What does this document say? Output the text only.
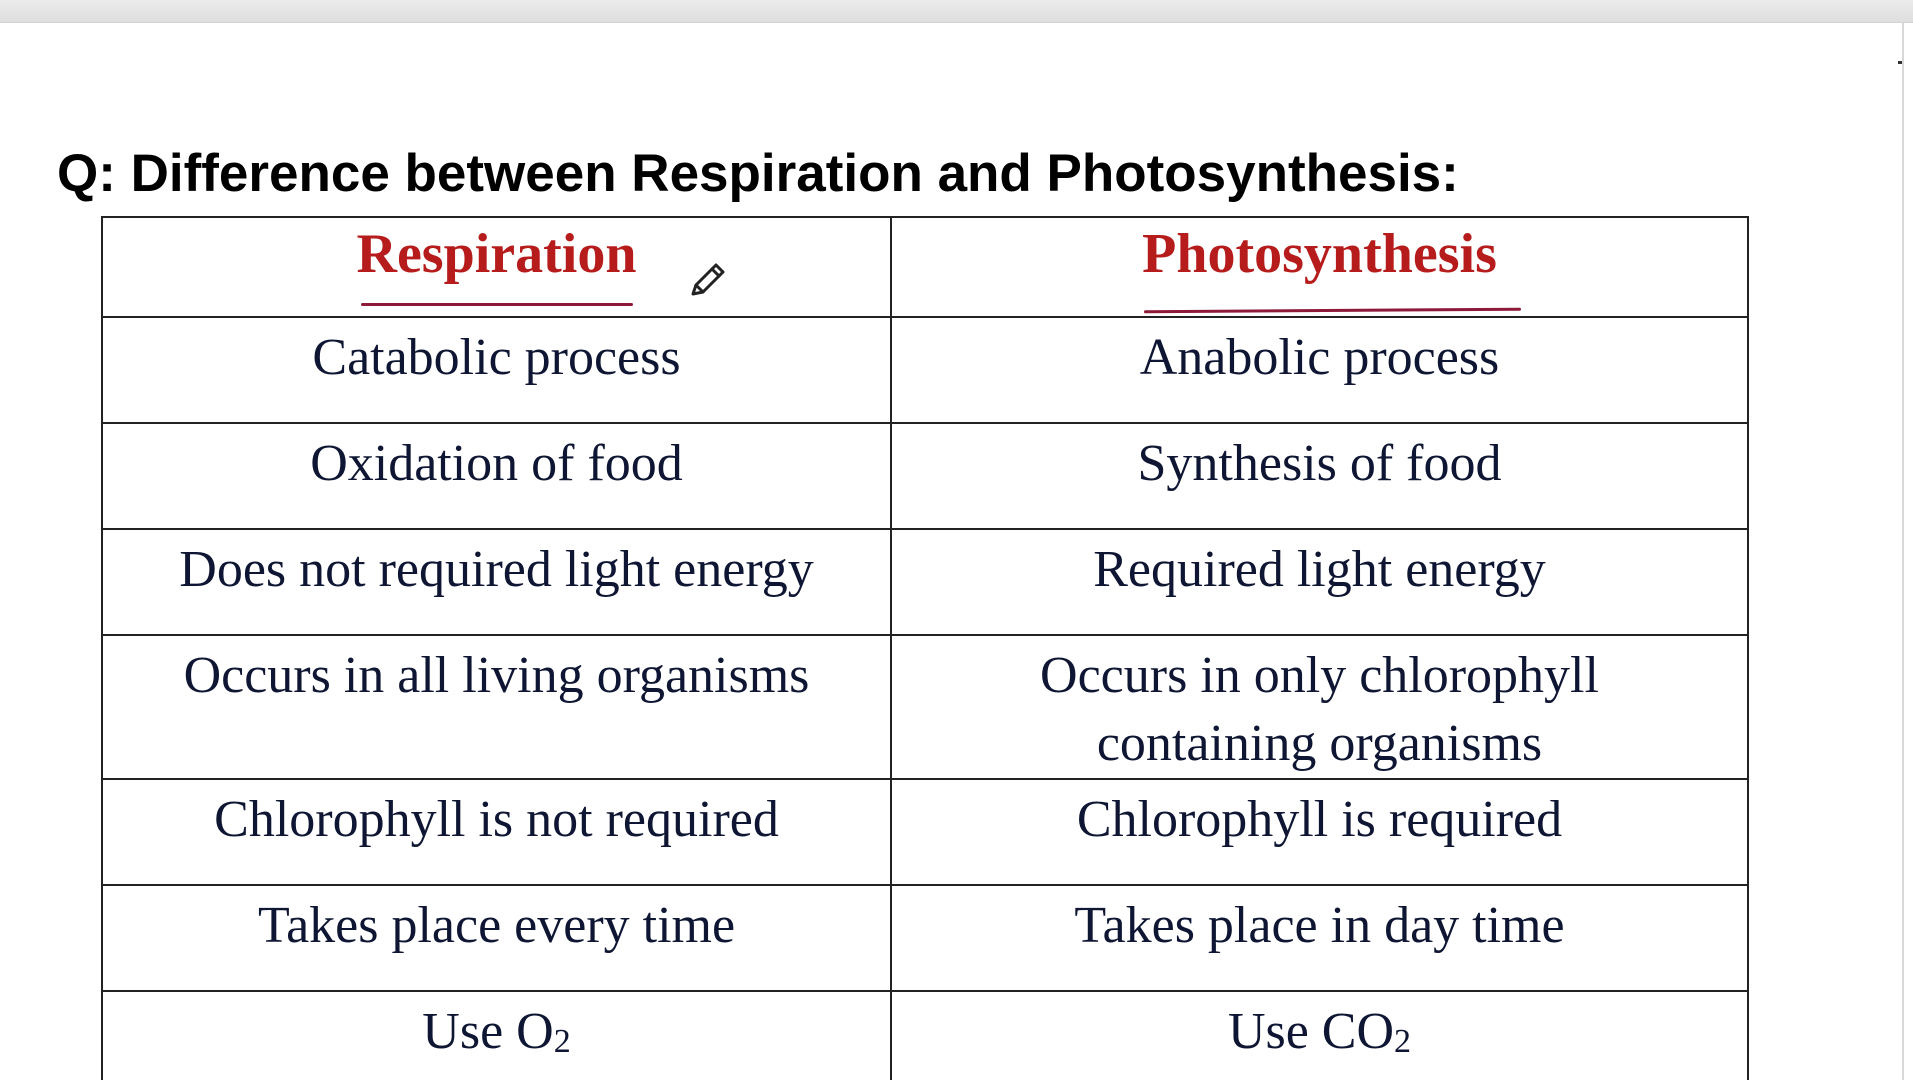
Q: Difference between Respiration and Photosynthesis:
Respiration	Photosynthesis

Catabolic process	Anabolic process
Oxidation of food	Synthesis of food
Does not required light energy	Required light energy
Occurs in all living organisms	Occurs in only chlorophyll containing organisms
Chlorophyll is not required	Chlorophyll is required
Takes place every time	Takes place in day time
Use $O_2$	Use $CO_2$
